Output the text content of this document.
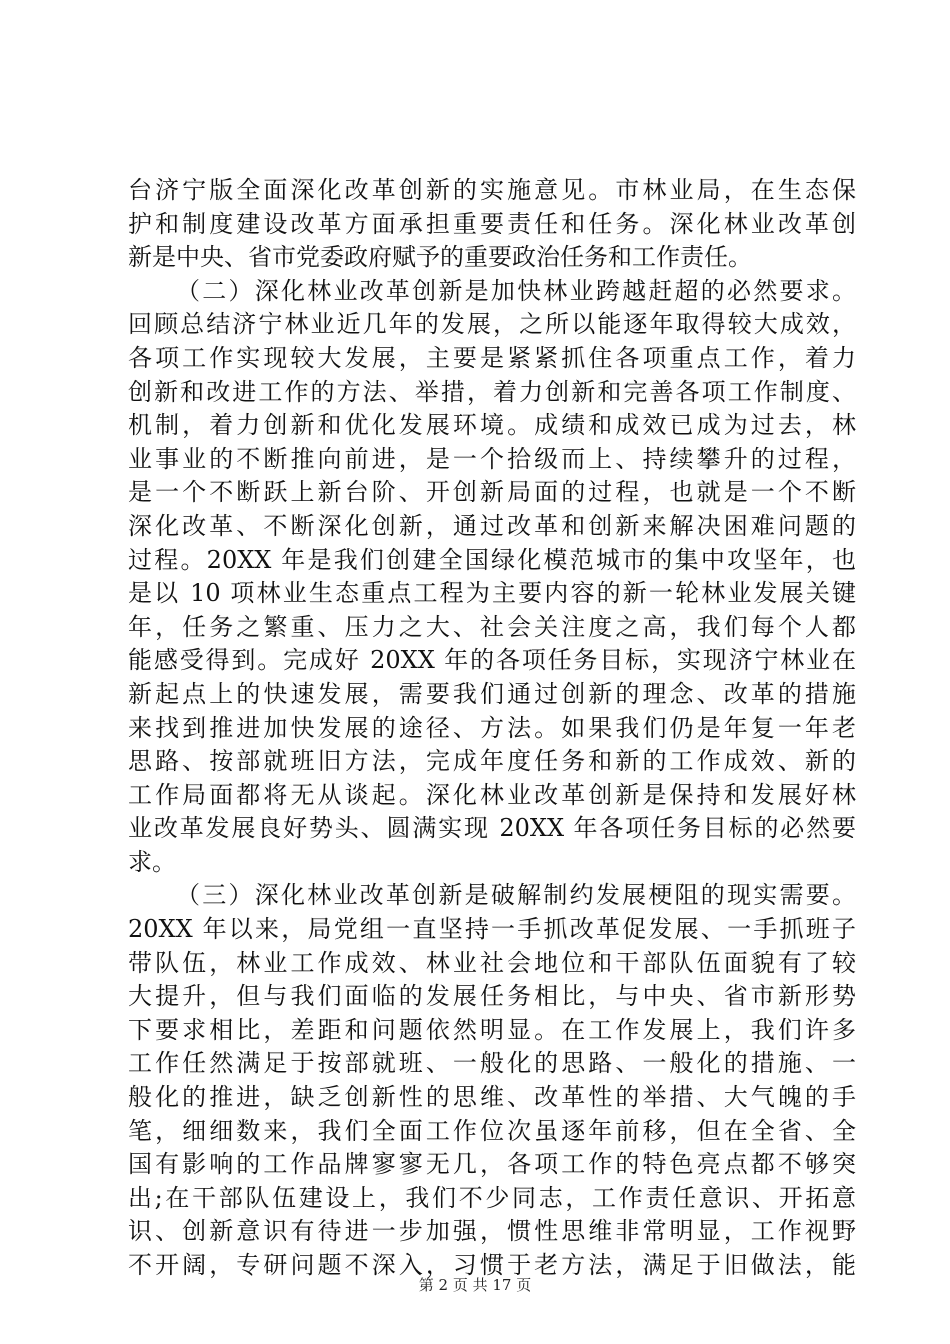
台济宁版全面深化改革创新的实施意见。市林业局，在生态保
护和制度建设改革方面承担重要责任和任务。深化林业改革创
新是中央、省市党委政府赋予的重要政治任务和工作责任。
（二）深化林业改革创新是加快林业跨越赶超的必然要求。
回顾总结济宁林业近几年的发展，之所以能逐年取得较大成效，
各项工作实现较大发展，主要是紧紧抓住各项重点工作，着力
创新和改进工作的方法、举措，着力创新和完善各项工作制度、
机制，着力创新和优化发展环境。成绩和成效已成为过去，林
业事业的不断推向前进，是一个拾级而上、持续攀升的过程，
是一个不断跃上新台阶、开创新局面的过程，也就是一个不断
深化改革、不断深化创新，通过改革和创新来解决困难问题的
过程。20XX 年是我们创建全国绿化模范城市的集中攻坚年，也
是以 10 项林业生态重点工程为主要内容的新一轮林业发展关键
年，任务之繁重、压力之大、社会关注度之高，我们每个人都
能感受得到。完成好 20XX 年的各项任务目标，实现济宁林业在
新起点上的快速发展，需要我们通过创新的理念、改革的措施
来找到推进加快发展的途径、方法。如果我们仍是年复一年老
思路、按部就班旧方法，完成年度任务和新的工作成效、新的
工作局面都将无从谈起。深化林业改革创新是保持和发展好林
业改革发展良好势头、圆满实现 20XX 年各项任务目标的必然要
求。
（三）深化林业改革创新是破解制约发展梗阻的现实需要。
20XX 年以来，局党组一直坚持一手抓改革促发展、一手抓班子
带队伍，林业工作成效、林业社会地位和干部队伍面貌有了较
大提升，但与我们面临的发展任务相比，与中央、省市新形势
下要求相比，差距和问题依然明显。在工作发展上，我们许多
工作任然满足于按部就班、一般化的思路、一般化的措施、一
般化的推进，缺乏创新性的思维、改革性的举措、大气魄的手
笔，细细数来，我们全面工作位次虽逐年前移，但在全省、全
国有影响的工作品牌寥寥无几，各项工作的特色亮点都不够突
出;在干部队伍建设上，我们不少同志，工作责任意识、开拓意
识、创新意识有待进一步加强，惯性思维非常明显，工作视野
不开阔，专研问题不深入，习惯于老方法，满足于旧做法，能
第 2 页 共 17 页
